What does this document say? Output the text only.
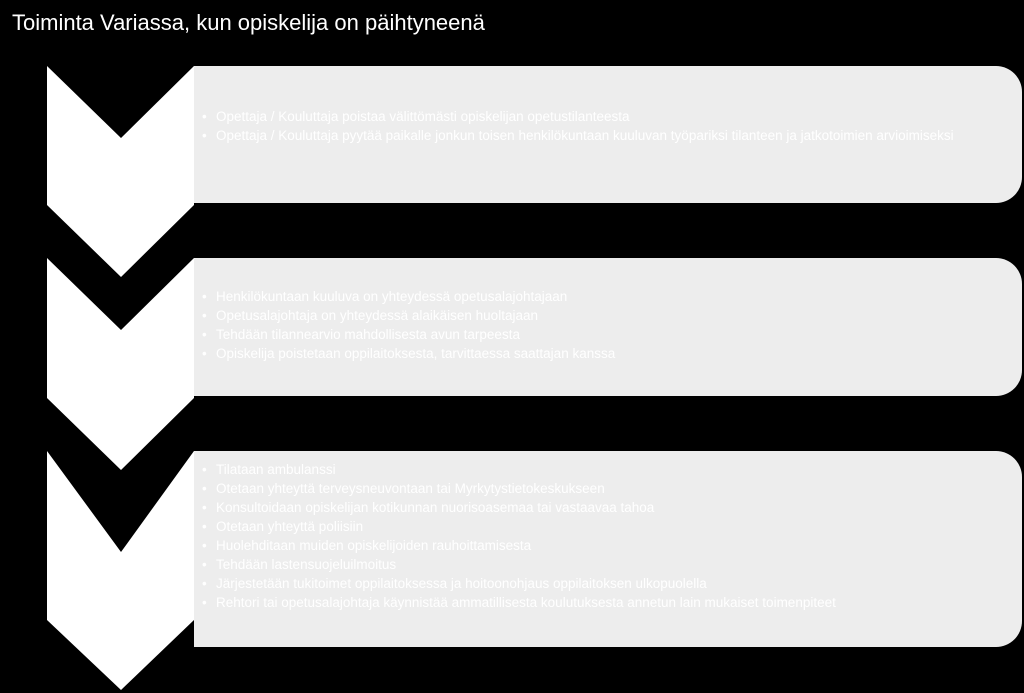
Toiminta Variassa, kun opiskelija on päihtyneenä
• Opettaja / Kouluttaja poistaa välittömästi opiskelijan opetustilanteesta
• Opettaja / Kouluttaja pyytää paikalle jonkun toisen henkilökuntaan kuuluvan työpariksi tilanteen ja jatkotoimien arvioimiseksi
• Henkilökuntaan kuuluva on yhteydessä opetusalajohtajaan
• Opetusalajohtaja on yhteydessä alaikäisen huoltajaan
• Tehdään tilannearvio mahdollisesta avun tarpeesta
• Opiskelija poistetaan oppilaitoksesta, tarvittaessa saattajan kanssa
• Tilataan ambulanssi
• Otetaan yhteyttä terveysneuvontaan tai Myrkytystietokeskukseen
• Konsultoidaan opiskelijan kotikunnan nuorisoasemaa tai vastaavaa tahoa
• Otetaan yhteyttä poliisiin
• Huolehditaan muiden opiskelijoiden rauhoittamisesta
• Tehdään lastensuojeluilmoitus
• Järjestetään tukitoimet oppilaitoksessa ja hoitoonohjaus oppilaitoksen ulkopuolella
• Rehtori tai opetusalajohtaja käynnistää ammatillisesta koulutuksesta annetun lain mukaiset toimenpiteet
